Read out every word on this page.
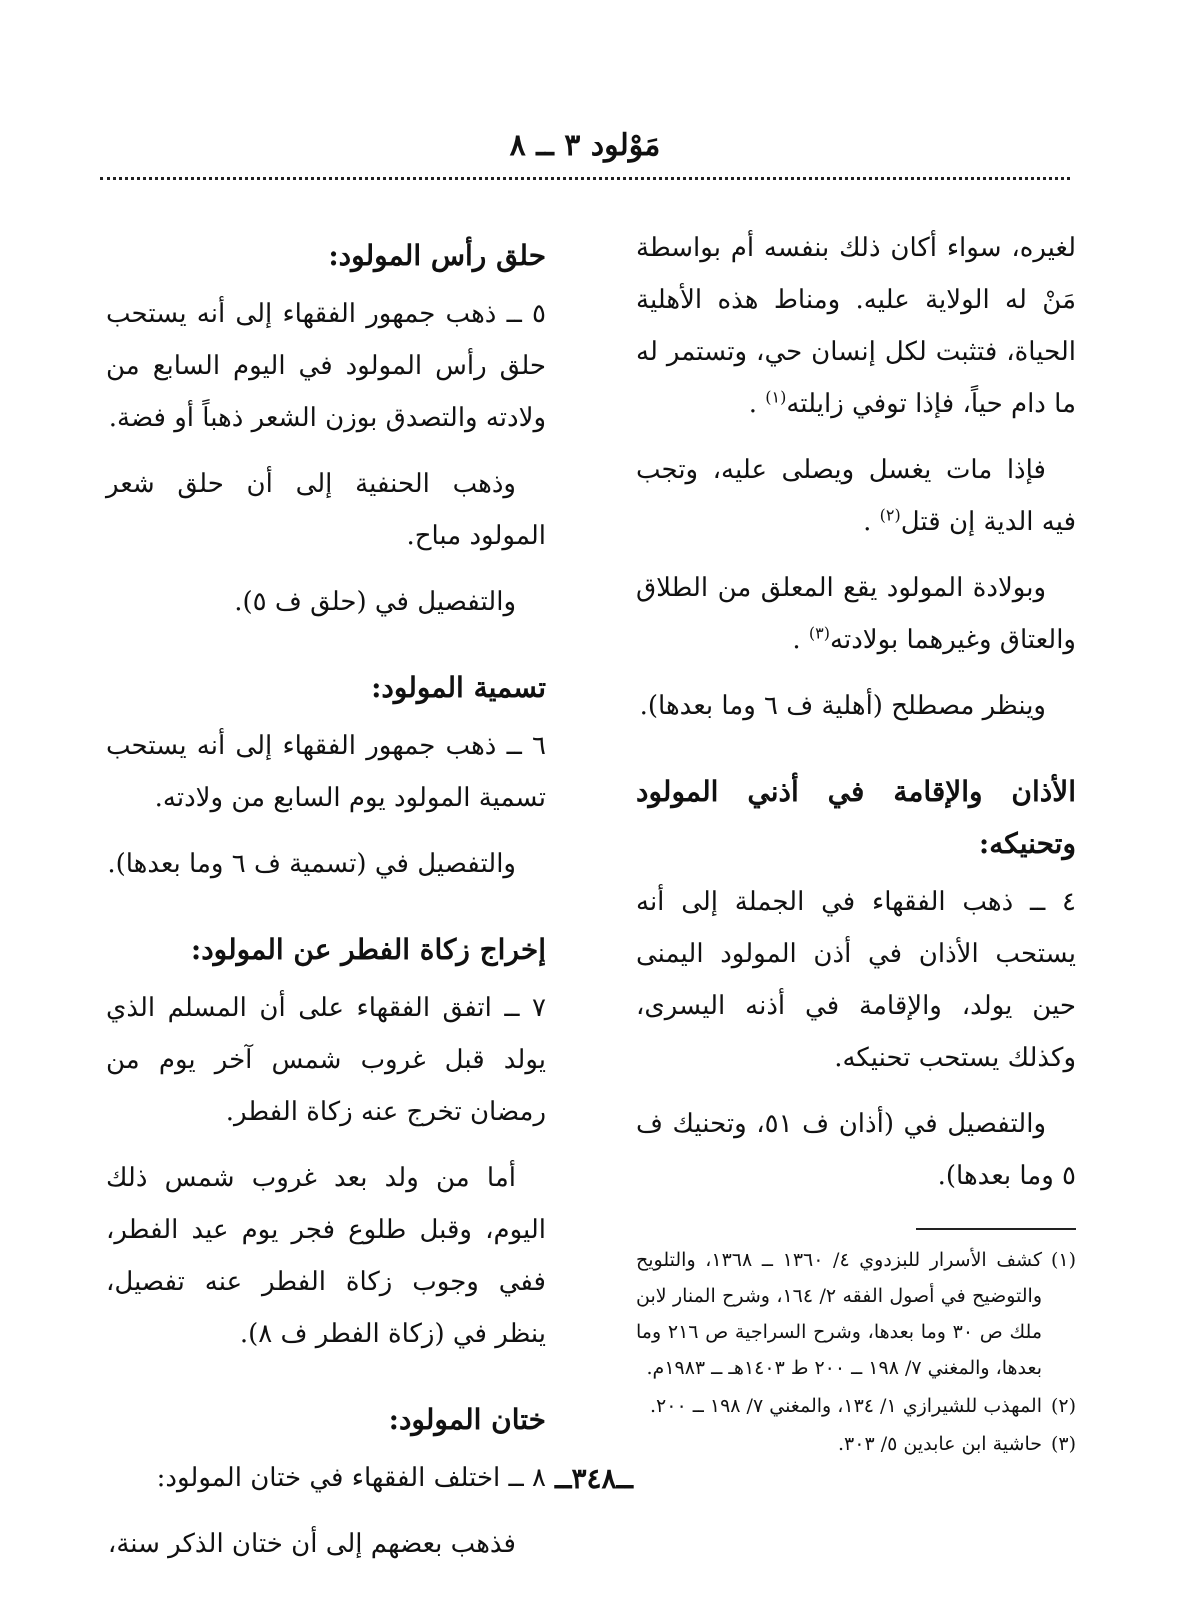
مَوْلود ٣ ــ ٨

لغيره، سواء أكان ذلك بنفسه أم بواسطة مَنْ له الولاية عليه. ومناط هذه الأهلية الحياة، فتثبت لكل إنسان حي، وتستمر له ما دام حياً، فإذا توفي زايلته$^{(١)}$ .

فإذا مات يغسل ويصلى عليه، وتجب فيه الدية إن قتل$^{(٢)}$ .

وبولادة المولود يقع المعلق من الطلاق والعتاق وغيرهما بولادته$^{(٣)}$ .

وينظر مصطلح (أهلية ف ٦ وما بعدها).

الأذان والإقامة في أذني المولود وتحنيكه:

٤ ــ ذهب الفقهاء في الجملة إلى أنه يستحب الأذان في أذن المولود اليمنى حين يولد، والإقامة في أذنه اليسرى، وكذلك يستحب تحنيكه.

والتفصيل في (أذان ف ٥١، وتحنيك ف ٥ وما بعدها).

(١)
كشف الأسرار للبزدوي ٤/ ١٣٦٠ ــ ١٣٦٨، والتلويح والتوضيح في أصول الفقه ٢/ ١٦٤، وشرح المنار لابن ملك ص ٣٠ وما بعدها، وشرح السراجية ص ٢١٦ وما بعدها، والمغني ٧/ ١٩٨ ــ ٢٠٠ ط ١٤٠٣هـ ــ ١٩٨٣م.
(٢)
المهذب للشيرازي ١/ ١٣٤، والمغني ٧/ ١٩٨ ــ ٢٠٠.
(٣)
حاشية ابن عابدين ٥/ ٣٠٣.
حلق رأس المولود:

٥ ــ ذهب جمهور الفقهاء إلى أنه يستحب حلق رأس المولود في اليوم السابع من ولادته والتصدق بوزن الشعر ذهباً أو فضة.

وذهب الحنفية إلى أن حلق شعر المولود مباح.

والتفصيل في (حلق ف ٥).

تسمية المولود:

٦ ــ ذهب جمهور الفقهاء إلى أنه يستحب تسمية المولود يوم السابع من ولادته.

والتفصيل في (تسمية ف ٦ وما بعدها).

إخراج زكاة الفطر عن المولود:

٧ ــ اتفق الفقهاء على أن المسلم الذي يولد قبل غروب شمس آخر يوم من رمضان تخرج عنه زكاة الفطر.

أما من ولد بعد غروب شمس ذلك اليوم، وقبل طلوع فجر يوم عيد الفطر، ففي وجوب زكاة الفطر عنه تفصيل، ينظر في (زكاة الفطر ف ٨).

ختان المولود:

٨ ــ اختلف الفقهاء في ختان المولود:

فذهب بعضهم إلى أن ختان الذكر سنة،

ــ٣٤٨ــ
